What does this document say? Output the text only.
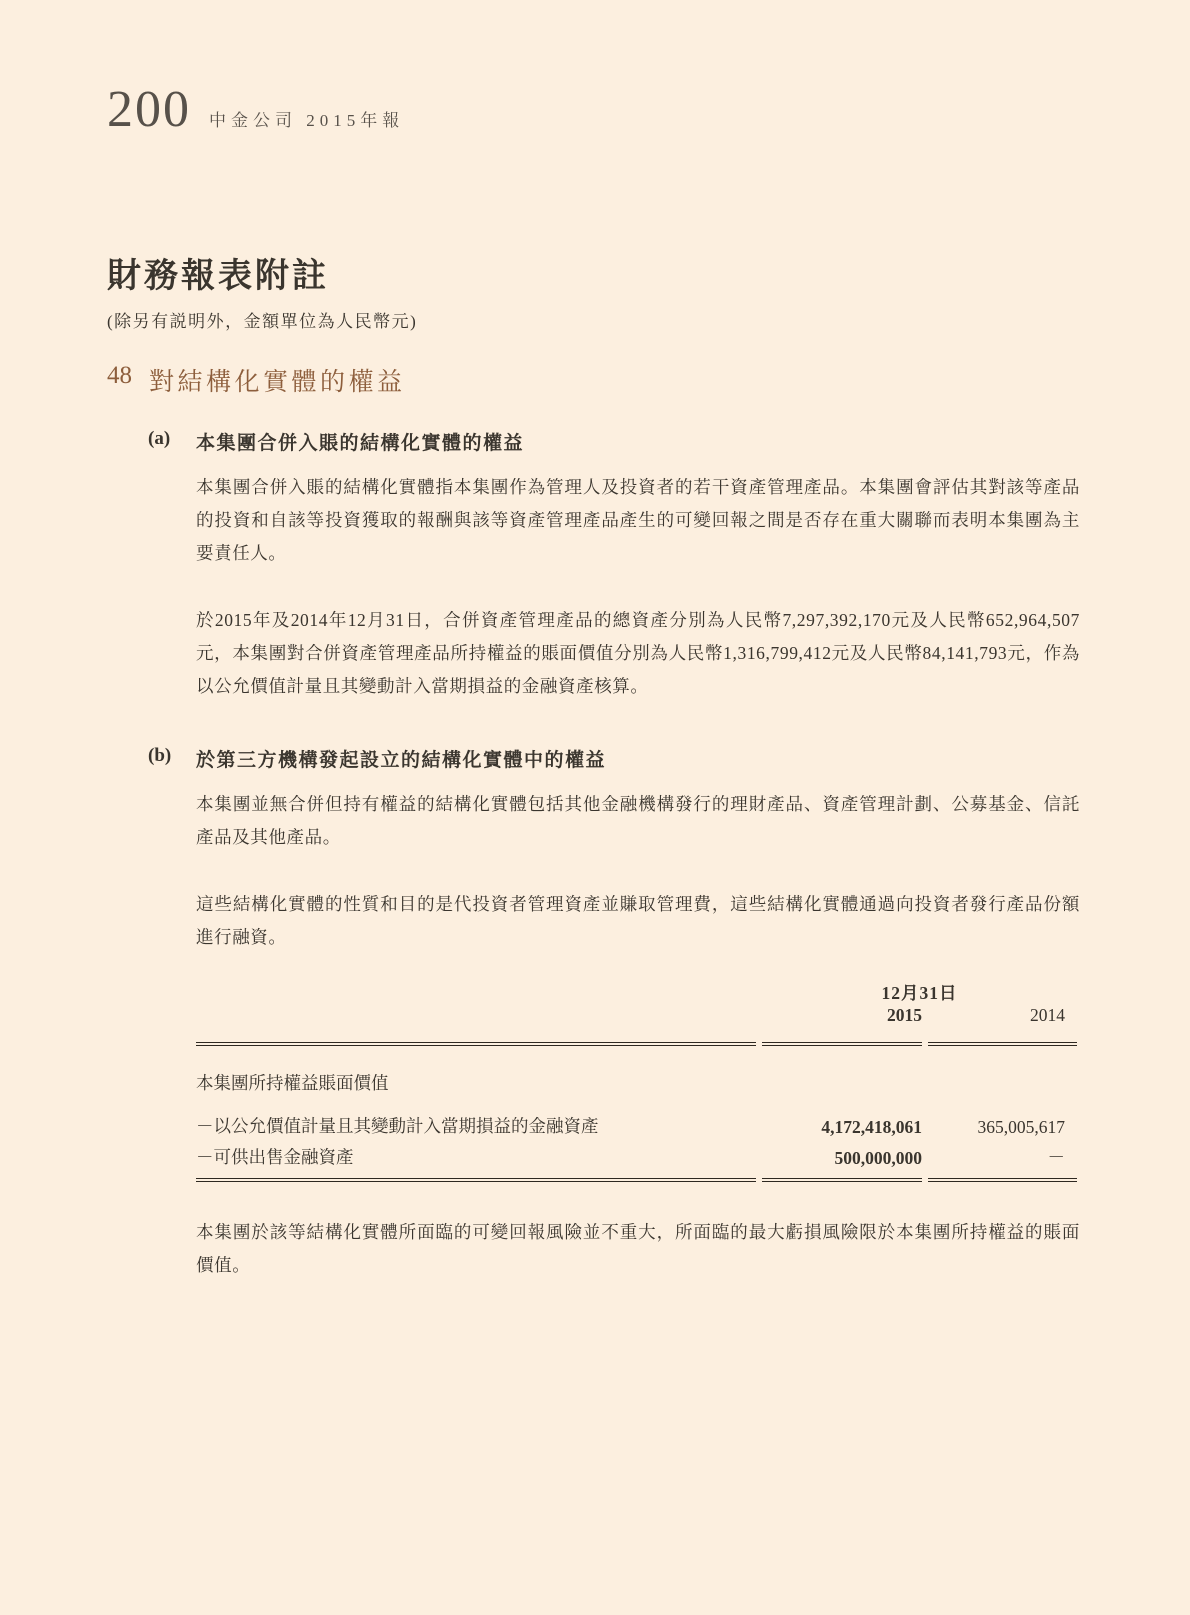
200 中金公司 2015年報
財務報表附註

(除另有説明外，金額單位為人民幣元)

48 對結構化實體的權益
(a) 本集團合併入賬的結構化實體的權益

本集團合併入賬的結構化實體指本集團作為管理人及投資者的若干資產管理產品。本集團會評估其對該等產品的投資和自該等投資獲取的報酬與該等資產管理產品產生的可變回報之間是否存在重大關聯而表明本集團為主要責任人。

於2015年及2014年12月31日，合併資產管理產品的總資產分別為人民幣7,297,392,170元及人民幣652,964,507元，本集團對合併資產管理產品所持權益的賬面價值分別為人民幣1,316,799,412元及人民幣84,141,793元，作為以公允價值計量且其變動計入當期損益的金融資產核算。

(b) 於第三方機構發起設立的結構化實體中的權益

本集團並無合併但持有權益的結構化實體包括其他金融機構發行的理財產品、資產管理計劃、公募基金、信託產品及其他產品。

這些結構化實體的性質和目的是代投資者管理資產並賺取管理費，這些結構化實體通過向投資者發行產品份額進行融資。

	12月31日	
	2015	2014
本集團所持權益賬面價值		
－以公允價值計量且其變動計入當期損益的金融資產	4,172,418,061	365,005,617
－可供出售金融資產	500,000,000	－

本集團於該等結構化實體所面臨的可變回報風險並不重大，所面臨的最大虧損風險限於本集團所持權益的賬面價值。
